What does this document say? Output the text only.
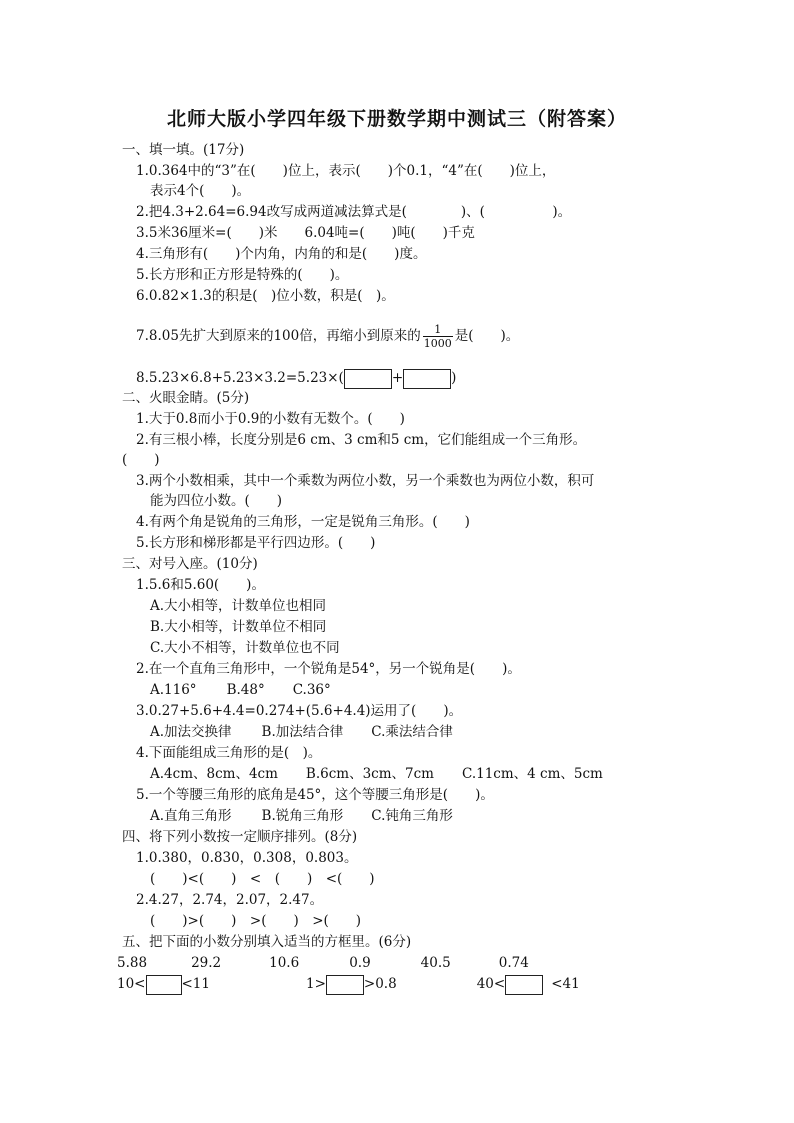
北师大版小学四年级下册数学期中测试三（附答案）
一、填一填。(17分)
1.0.364中的“3”在(　　)位上，表示(　　)个0.1，“4”在(　　)位上，
表示4个(　　)。
2.把4.3+2.64=6.94改写成两道减法算式是(　　　　)、(　　　　　)。
3.5米36厘米=(　　)米　　6.04吨=(　　)吨(　　)千克
4.三角形有(　　)个内角，内角的和是(　　)度。
5.长方形和正方形是特殊的(　　)。
6.0.82×1.3的积是(　)位小数，积是(　)。
7.8.05先扩大到原来的100倍，再缩小到原来的 $\frac{1}{1000}$ 是(　　)。
8.5.23×6.8+5.23×3.2=5.23×(	+	)
二、火眼金睛。(5分)
1.大于0.8而小于0.9的小数有无数个。(　　)
2.有三根小棒，长度分别是6 cm、3 cm和5 cm，它们能组成一个三角形。
(　　)
3.两个小数相乘，其中一个乘数为两位小数，另一个乘数也为两位小数，积可
能为四位小数。(　　)
4.有两个角是锐角的三角形，一定是锐角三角形。(　　)
5.长方形和梯形都是平行四边形。(　　)
三、对号入座。(10分)
1.5.6和5.60(　　)。
A.大小相等，计数单位也相同
B.大小相等，计数单位不相同
C.大小不相等，计数单位也不同
2.在一个直角三角形中，一个锐角是54°，另一个锐角是(　　)。
A.116° B.48° C.36°
3.0.27+5.6+4.4=0.274+(5.6+4.4)运用了(　　)。
A.加法交换律 B.加法结合律 C.乘法结合律
4.下面能组成三角形的是(　)。
A.4cm、8cm、4cm B.6cm、3cm、7cm C.11cm、4 cm、5cm
5.一个等腰三角形的底角是45°，这个等腰三角形是(　　)。
A.直角三角形 B.锐角三角形 C.钝角三角形
四、将下列小数按一定顺序排列。(8分)
1.0.380，0.830，0.308，0.803。
(　　)<(　　)　<　(　　)　<(　　)
2.4.27，2.74，2.07，2.47。
(　　)>(　　)　>(　　)　>(　　)
五、把下面的小数分别填入适当的方框里。(6分)
5.88	29.2	10.6	0.9	40.5	0.74
10<	<11	1>	>0.8	40<	<41
